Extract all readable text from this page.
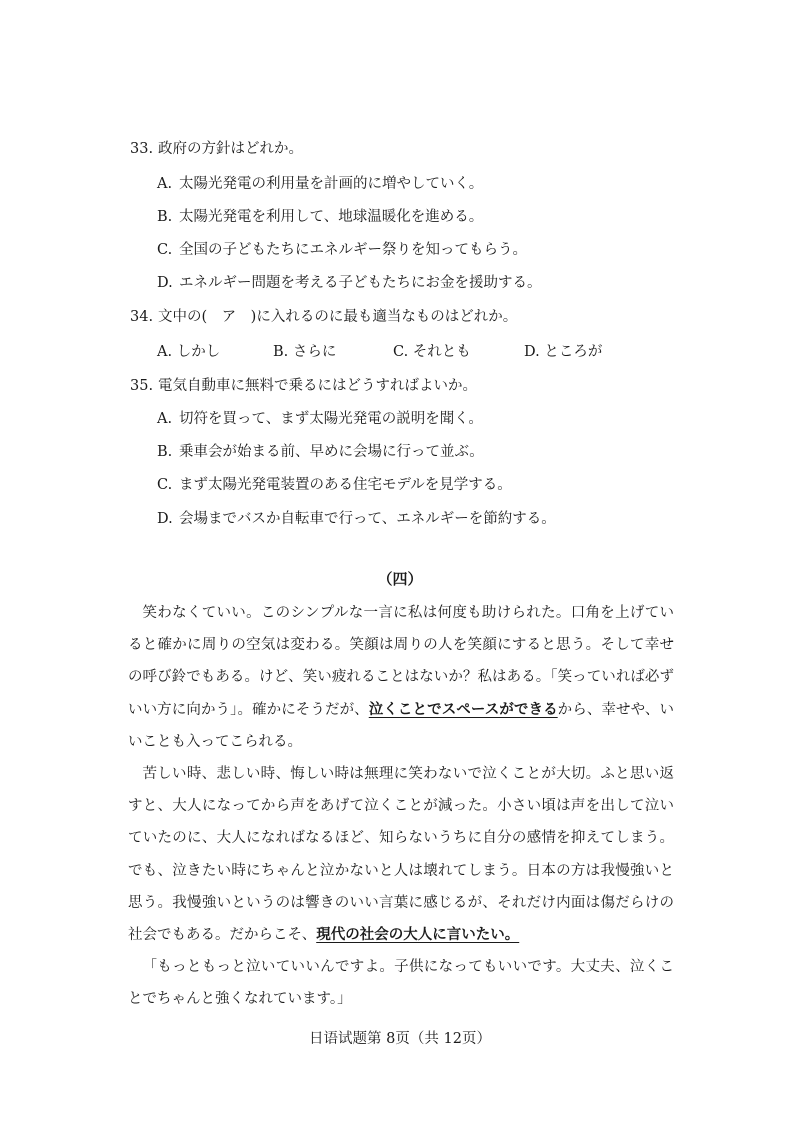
33. 政府の方針はどれか。
A. 太陽光発電の利用量を計画的に増やしていく。
B. 太陽光発電を利用して、地球温暖化を進める。
C. 全国の子どもたちにエネルギー祭りを知ってもらう。
D. エネルギー問題を考える子どもたちにお金を援助する。
34. 文中の(　ア　)に入れるのに最も適当なものはどれか。
A. しかし	B. さらに	C. それとも	D. ところが
35. 電気自動車に無料で乗るにはどうすればよいか。
A. 切符を買って、まず太陽光発電の説明を聞く。
B. 乗車会が始まる前、早めに会場に行って並ぶ。
C. まず太陽光発電装置のある住宅モデルを見学する。
D. 会場までバスか自転車で行って、エネルギーを節約する。
（四）

笑わなくていい。このシンプルな一言に私は何度も助けられた。口角を上げていると確かに周りの空気は変わる。笑顔は周りの人を笑顔にすると思う。そして幸せの呼び鈴でもある。けど、笑い疲れることはないか？私はある。「笑っていれば必ずいい方に向かう」。確かにそうだが、泣くことでスペースができるから、幸せや、いいことも入ってこられる。

苦しい時、悲しい時、悔しい時は無理に笑わないで泣くことが大切。ふと思い返すと、大人になってから声をあげて泣くことが減った。小さい頃は声を出して泣いていたのに、大人になればなるほど、知らないうちに自分の感情を抑えてしまう。でも、泣きたい時にちゃんと泣かないと人は壊れてしまう。日本の方は我慢強いと思う。我慢強いというのは響きのいい言葉に感じるが、それだけ内面は傷だらけの社会でもある。だからこそ、現代の社会の大人に言いたい。

「もっともっと泣いていいんですよ。子供になってもいいです。大丈夫、泣くことでちゃんと強くなれています。」

日语试题第 8页（共 12页）
